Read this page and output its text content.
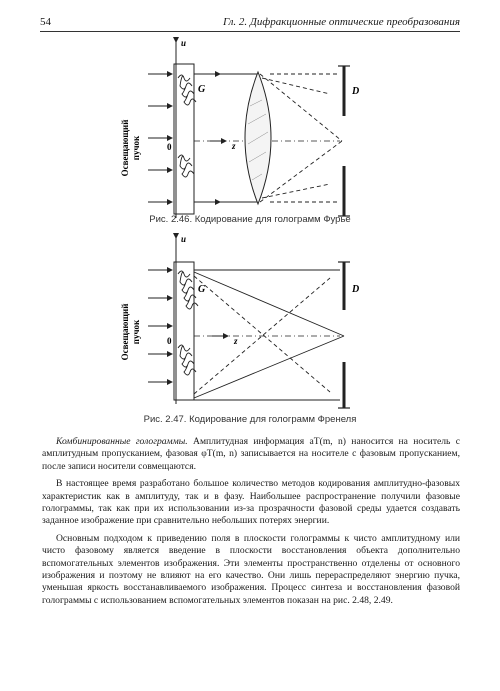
54	Гл. 2. Дифракционные оптические преобразования
Освещающий пучок
u
G
0	z
D
Рис. 2.46. Кодирование для голограмм Фурье
Освещающий пучок
u
G
0	z
D
Рис. 2.47. Кодирование для голограмм Френеля

Комбинированные голограммы. Амплитудная информация aT(m, n) наносится на носитель с амплитудным пропусканием, фазовая φT(m, n) записывается на носителе с фазовым пропусканием, после записи носители совмещаются.

В настоящее время разработано большое количество методов кодирования амплитудно-фазовых характеристик как в амплитуду, так и в фазу. Наибольшее распространение получили фазовые голограммы, так как при их использовании из-за прозрачности фазовой среды удается создавать заданное изображение при сравнительно небольших потерях энергии.

Основным подходом к приведению поля в плоскости голограммы к чисто амплитудному или чисто фазовому является введение в плоскости восстановления объекта дополнительно вспомогательных элементов изображения. Эти элементы пространственно отделены от основного изображения и поэтому не влияют на его качество. Они лишь перераспределяют энергию пучка, уменьшая яркость восстанавливаемого изображения. Процесс синтеза и восстановления фазовой голограммы с использованием вспомогательных элементов показан на рис. 2.48, 2.49.
